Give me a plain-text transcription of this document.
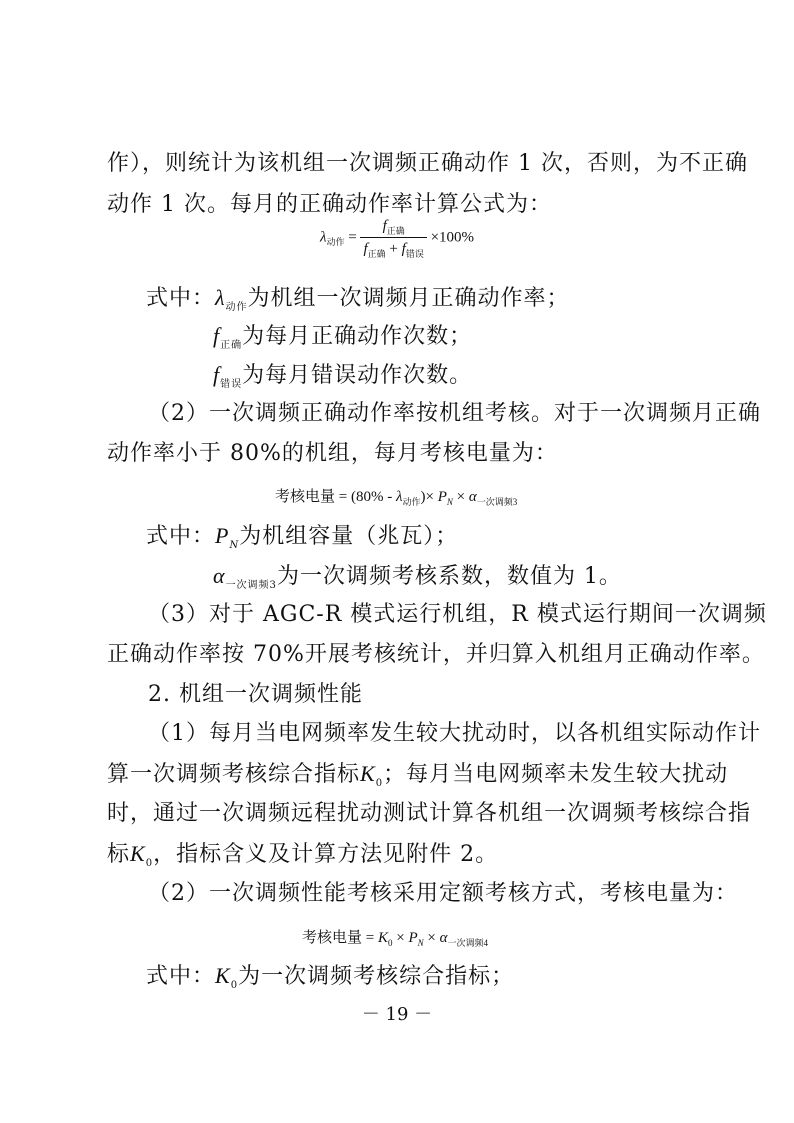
作），则统计为该机组一次调频正确动作 1 次，否则，为不正确
动作 1 次。每月的正确动作率计算公式为：
$\lambda_{动作} = \frac{f_{正确}}{f_{正确} + f_{错误}} \times 100\%$
式中：$\lambda_{动作}$为机组一次调频月正确动作率；
$f_{正确}$为每月正确动作次数；
$f_{错误}$为每月错误动作次数。
（2）一次调频正确动作率按机组考核。对于一次调频月正确
动作率小于 80%的机组，每月考核电量为：
考核电量 = $(80\% - \lambda_{动作})\times P_N \times \alpha_{一次调频3}$
式中：$P_N$为机组容量（兆瓦）；
$\alpha_{一次调频3}$为一次调频考核系数，数值为 1。
（3）对于 AGC-R 模式运行机组，R 模式运行期间一次调频
正确动作率按 70%开展考核统计，并归算入机组月正确动作率。
2. 机组一次调频性能
（1）每月当电网频率发生较大扰动时，以各机组实际动作计
算一次调频考核综合指标$K_0$；每月当电网频率未发生较大扰动
时，通过一次调频远程扰动测试计算各机组一次调频考核综合指
标$K_0$，指标含义及计算方法见附件 2。
（2）一次调频性能考核采用定额考核方式，考核电量为：
考核电量 = $K_0 \times P_N \times \alpha_{一次调频4}$
式中：$K_0$为一次调频考核综合指标；
－ 19 －
